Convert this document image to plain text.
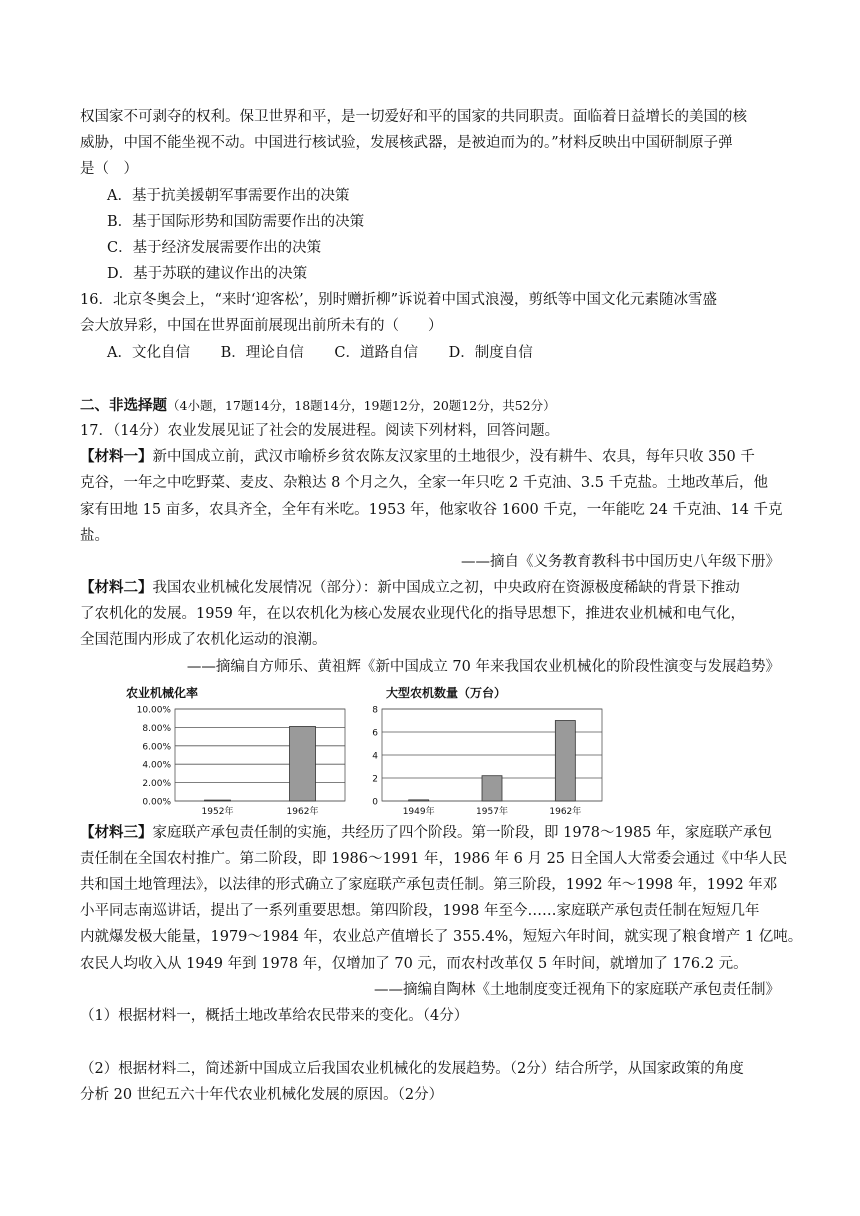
权国家不可剥夺的权利。保卫世界和平，是一切爱好和平的国家的共同职责。面临着日益增长的美国的核
威胁，中国不能坐视不动。中国进行核试验，发展核武器，是被迫而为的。”材料反映出中国研制原子弹
是（　）
A．基于抗美援朝军事需要作出的决策
B．基于国际形势和国防需要作出的决策
C．基于经济发展需要作出的决策
D．基于苏联的建议作出的决策
16．北京冬奥会上，“来时‘迎客松’，别时赠折柳”诉说着中国式浪漫，剪纸等中国文化元素随冰雪盛
会大放异彩，中国在世界面前展现出前所未有的（　　）
A．文化自信 B．理论自信 C．道路自信 D．制度自信
二、非选择题（4小题，17题14分，18题14分，19题12分，20题12分，共52分）
17．（14分）农业发展见证了社会的发展进程。阅读下列材料，回答问题。
【材料一】新中国成立前，武汉市喻桥乡贫农陈友汉家里的土地很少，没有耕牛、农具，每年只收 350 千
克谷，一年之中吃野菜、麦皮、杂粮达 8 个月之久，全家一年只吃 2 千克油、3.5 千克盐。土地改革后，他
家有田地 15 亩多，农具齐全，全年有米吃。1953 年，他家收谷 1600 千克，一年能吃 24 千克油、14 千克
盐。
——摘自《义务教育教科书中国历史八年级下册》
【材料二】我国农业机械化发展情况（部分）：新中国成立之初，中央政府在资源极度稀缺的背景下推动
了农机化的发展。1959 年，在以农机化为核心发展农业现代化的指导思想下，推进农业机械和电气化，
全国范围内形成了农机化运动的浪潮。
——摘编自方师乐、黄祖辉《新中国成立 70 年来我国农业机械化的阶段性演变与发展趋势》
农业机械化率
0.00%
2.00%
4.00%
6.00%
8.00%
10.00%
1952年	1962年
大型农机数量（万台）
0
2
4
6
8
1949年	1957年	1962年
【材料三】家庭联产承包责任制的实施，共经历了四个阶段。第一阶段，即 1978～1985 年，家庭联产承包
责任制在全国农村推广。第二阶段，即 1986～1991 年，1986 年 6 月 25 日全国人大常委会通过《中华人民
共和国土地管理法》，以法律的形式确立了家庭联产承包责任制。第三阶段，1992 年～1998 年，1992 年邓
小平同志南巡讲话，提出了一系列重要思想。第四阶段，1998 年至今……家庭联产承包责任制在短短几年
内就爆发极大能量，1979～1984 年，农业总产值增长了 355.4%，短短六年时间，就实现了粮食增产 1 亿吨。
农民人均收入从 1949 年到 1978 年，仅增加了 70 元，而农村改革仅 5 年时间，就增加了 176.2 元。
——摘编自陶林《土地制度变迁视角下的家庭联产承包责任制》
（1）根据材料一，概括土地改革给农民带来的变化。（4分）
（2）根据材料二，简述新中国成立后我国农业机械化的发展趋势。（2分）结合所学，从国家政策的角度
分析 20 世纪五六十年代农业机械化发展的原因。（2分）
